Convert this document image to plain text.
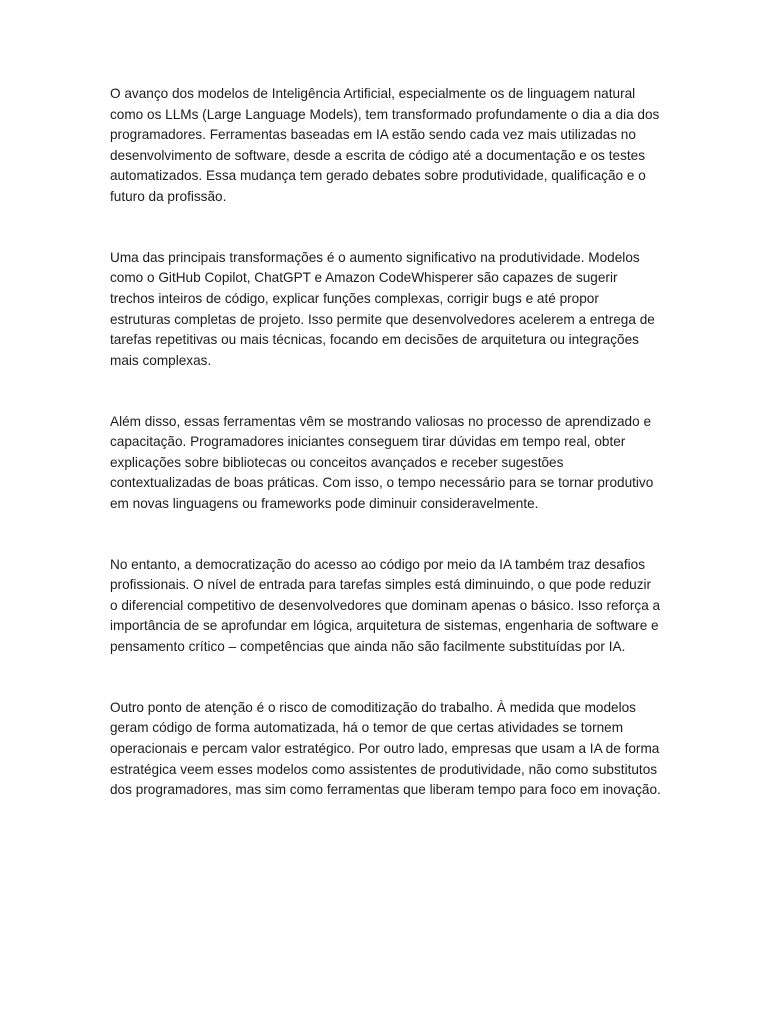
O avanço dos modelos de Inteligência Artificial, especialmente os de linguagem natural como os LLMs (Large Language Models), tem transformado profundamente o dia a dia dos programadores. Ferramentas baseadas em IA estão sendo cada vez mais utilizadas no desenvolvimento de software, desde a escrita de código até a documentação e os testes automatizados. Essa mudança tem gerado debates sobre produtividade, qualificação e o futuro da profissão.

Uma das principais transformações é o aumento significativo na produtividade. Modelos como o GitHub Copilot, ChatGPT e Amazon CodeWhisperer são capazes de sugerir trechos inteiros de código, explicar funções complexas, corrigir bugs e até propor estruturas completas de projeto. Isso permite que desenvolvedores acelerem a entrega de tarefas repetitivas ou mais técnicas, focando em decisões de arquitetura ou integrações mais complexas.

Além disso, essas ferramentas vêm se mostrando valiosas no processo de aprendizado e capacitação. Programadores iniciantes conseguem tirar dúvidas em tempo real, obter explicações sobre bibliotecas ou conceitos avançados e receber sugestões contextualizadas de boas práticas. Com isso, o tempo necessário para se tornar produtivo em novas linguagens ou frameworks pode diminuir consideravelmente.

No entanto, a democratização do acesso ao código por meio da IA também traz desafios profissionais. O nível de entrada para tarefas simples está diminuindo, o que pode reduzir o diferencial competitivo de desenvolvedores que dominam apenas o básico. Isso reforça a importância de se aprofundar em lógica, arquitetura de sistemas, engenharia de software e pensamento crítico – competências que ainda não são facilmente substituídas por IA.

Outro ponto de atenção é o risco de comoditização do trabalho. À medida que modelos geram código de forma automatizada, há o temor de que certas atividades se tornem operacionais e percam valor estratégico. Por outro lado, empresas que usam a IA de forma estratégica veem esses modelos como assistentes de produtividade, não como substitutos dos programadores, mas sim como ferramentas que liberam tempo para foco em inovação.
